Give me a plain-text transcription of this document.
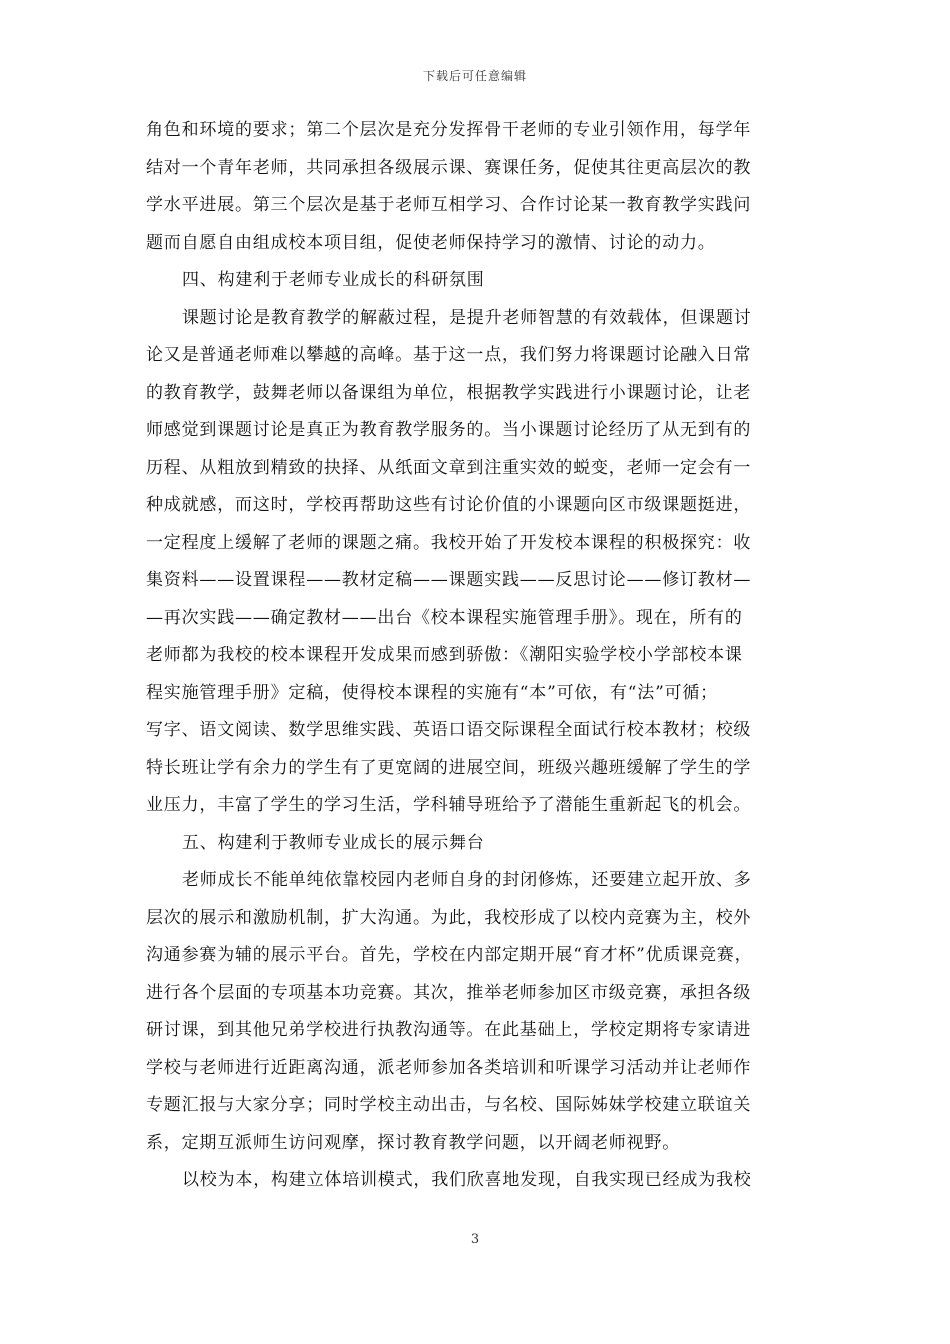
下载后可任意编辑
角色和环境的要求；第二个层次是充分发挥骨干老师的专业引领作用，每学年
结对一个青年老师，共同承担各级展示课、赛课任务，促使其往更高层次的教
学水平进展。第三个层次是基于老师互相学习、合作讨论某一教育教学实践问
题而自愿自由组成校本项目组，促使老师保持学习的激情、讨论的动力。
四、构建利于老师专业成长的科研氛围
课题讨论是教育教学的解蔽过程，是提升老师智慧的有效载体，但课题讨
论又是普通老师难以攀越的高峰。基于这一点，我们努力将课题讨论融入日常
的教育教学，鼓舞老师以备课组为单位，根据教学实践进行小课题讨论，让老
师感觉到课题讨论是真正为教育教学服务的。当小课题讨论经历了从无到有的
历程、从粗放到精致的抉择、从纸面文章到注重实效的蜕变，老师一定会有一
种成就感，而这时，学校再帮助这些有讨论价值的小课题向区市级课题挺进，
一定程度上缓解了老师的课题之痛。我校开始了开发校本课程的积极探究：收
集资料——设置课程——教材定稿——课题实践——反思讨论——修订教材—
—再次实践——确定教材——出台《校本课程实施管理手册》。现在，所有的
老师都为我校的校本课程开发成果而感到骄傲：《潮阳实验学校小学部校本课
程实施管理手册》定稿，使得校本课程的实施有“本”可依，有“法”可循；
写字、语文阅读、数学思维实践、英语口语交际课程全面试行校本教材；校级
特长班让学有余力的学生有了更宽阔的进展空间，班级兴趣班缓解了学生的学
业压力，丰富了学生的学习生活，学科辅导班给予了潜能生重新起飞的机会。
五、构建利于教师专业成长的展示舞台
老师成长不能单纯依靠校园内老师自身的封闭修炼，还要建立起开放、多
层次的展示和激励机制，扩大沟通。为此，我校形成了以校内竞赛为主，校外
沟通参赛为辅的展示平台。首先，学校在内部定期开展“育才杯”优质课竞赛，
进行各个层面的专项基本功竞赛。其次，推举老师参加区市级竞赛，承担各级
研讨课，到其他兄弟学校进行执教沟通等。在此基础上，学校定期将专家请进
学校与老师进行近距离沟通，派老师参加各类培训和听课学习活动并让老师作
专题汇报与大家分享；同时学校主动出击，与名校、国际姊妹学校建立联谊关
系，定期互派师生访问观摩，探讨教育教学问题，以开阔老师视野。
以校为本，构建立体培训模式，我们欣喜地发现，自我实现已经成为我校
3
